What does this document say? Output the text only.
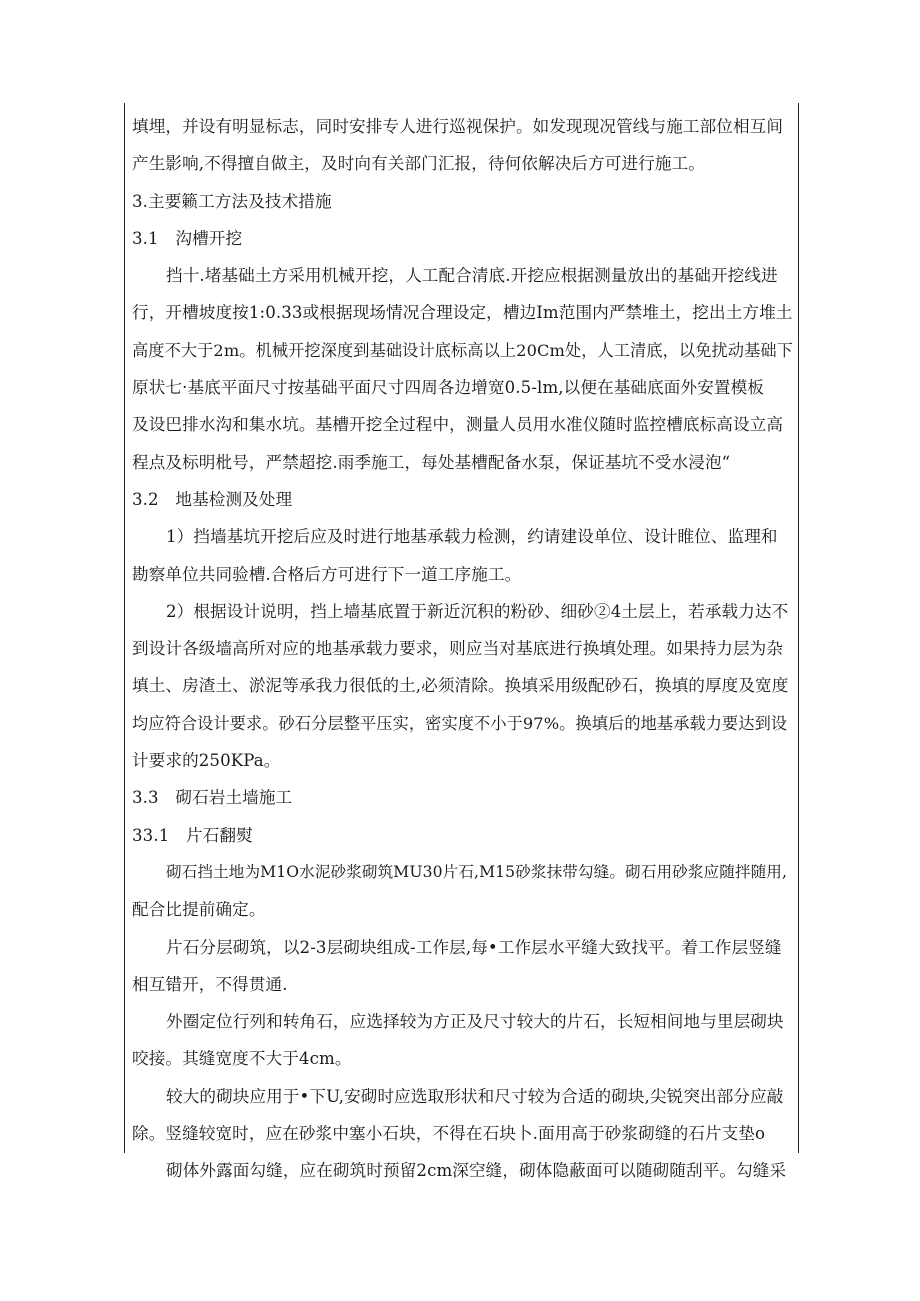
填埋，并设有明显标志，同时安排专人进行巡视保护。如发现现况管线与施工部位相互间
产生影响,不得擅自做主，及时向有关部门汇报，待何依解决后方可进行施工。
3.主要籁工方法及技术措施
3.1　沟槽开挖
挡十.堵基础土方采用机械开挖，人工配合清底.开挖应根据测量放出的基础开挖线进
行，开槽坡度按1:0.33或根据现场情况合理设定，槽边Im范围内严禁堆土，挖出土方堆土
高度不大于2m。机械开挖深度到基础设计底标高以上20Cm处，人工清底，以免扰动基础下
原状七·基底平面尺寸按基础平面尺寸四周各边增宽0.5-lm,以便在基础底面外安置模板
及设巴排水沟和集水坑。基槽开挖全过程中，测量人员用水准仪随时监控槽底标高设立高
程点及标明枇号，严禁超挖.雨季施工，每处基槽配备水泵，保证基坑不受水浸泡“
3.2　地基检测及处理
1）挡墙基坑开挖后应及时进行地基承载力检测，约请建设单位、设计睢位、监理和
勘察单位共同验槽.合格后方可进行下一道工序施工。
2）根据设计说明，挡上墙基底置于新近沉积的粉砂、细砂②4土层上，若承载力达不
到设计各级墙高所对应的地基承载力要求，则应当对基底进行换填处理。如果持力层为杂
填土、房渣土、淤泥等承我力很低的土,必须清除。换填采用级配砂石，换填的厚度及宽度
均应符合设计要求。砂石分层整平压实，密实度不小于97%。换填后的地基承载力要达到设
计要求的250KPa。
3.3　砌石岩土墙施工
33.1　片石翻熨
砌石挡土地为M1O水泥砂浆砌筑MU30片石,M15砂浆抹带勾缝。砌石用砂浆应随拌随用,
配合比提前确定。
片石分层砌筑，以2-3层砌块组成-工作层,每•工作层水平缝大致找平。着工作层竖缝
相互错开，不得贯通.
外圈定位行列和转角石，应选择较为方正及尺寸较大的片石，长短相间地与里层砌块
咬接。其缝宽度不大于4cm。
较大的砌块应用于•下U,安砌时应选取形状和尺寸较为合适的砌块,尖锐突出部分应敲
除。竖缝较宽时，应在砂浆中塞小石块，不得在石块卜.面用高于砂浆砌缝的石片支垫o
砌体外露面勾缝，应在砌筑时预留2cm深空缝，砌体隐蔽面可以随砌随刮平。勾缝采
